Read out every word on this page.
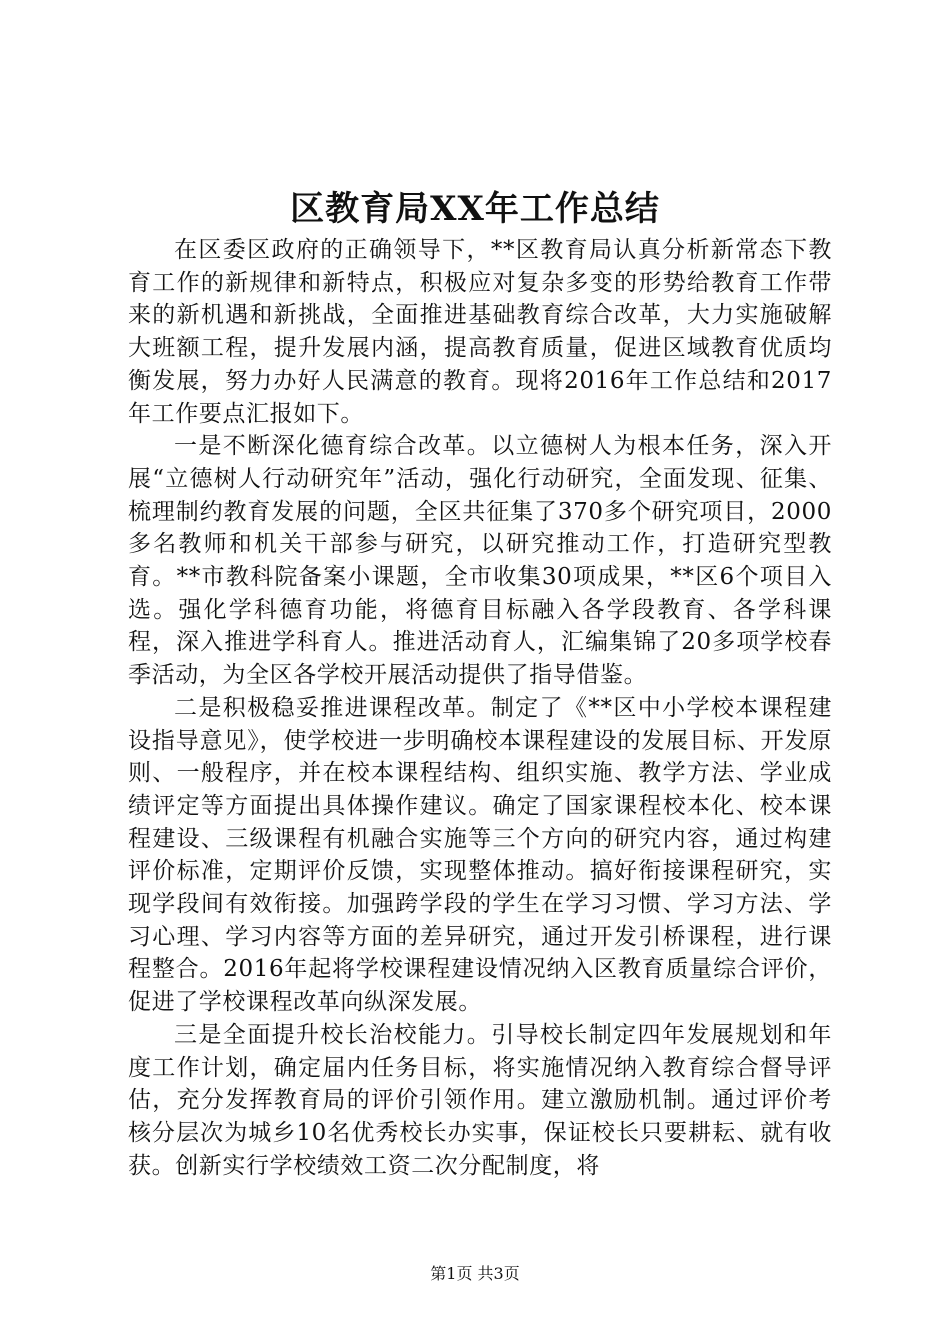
区教育局XX年工作总结

在区委区政府的正确领导下，**区教育局认真分析新常态下教育工作的新规律和新特点，积极应对复杂多变的形势给教育工作带来的新机遇和新挑战，全面推进基础教育综合改革，大力实施破解大班额工程，提升发展内涵，提高教育质量，促进区域教育优质均衡发展，努力办好人民满意的教育。现将2016年工作总结和2017年工作要点汇报如下。

一是不断深化德育综合改革。以立德树人为根本任务，深入开展“立德树人行动研究年”活动，强化行动研究，全面发现、征集、梳理制约教育发展的问题，全区共征集了370多个研究项目，2000多名教师和机关干部参与研究，以研究推动工作，打造研究型教育。**市教科院备案小课题，全市收集30项成果，**区6个项目入选。强化学科德育功能，将德育目标融入各学段教育、各学科课程，深入推进学科育人。推进活动育人，汇编集锦了20多项学校春季活动，为全区各学校开展活动提供了指导借鉴。

二是积极稳妥推进课程改革。制定了《**区中小学校本课程建设指导意见》，使学校进一步明确校本课程建设的发展目标、开发原则、一般程序，并在校本课程结构、组织实施、教学方法、学业成绩评定等方面提出具体操作建议。确定了国家课程校本化、校本课程建设、三级课程有机融合实施等三个方向的研究内容，通过构建评价标准，定期评价反馈，实现整体推动。搞好衔接课程研究，实现学段间有效衔接。加强跨学段的学生在学习习惯、学习方法、学习心理、学习内容等方面的差异研究，通过开发引桥课程，进行课程整合。2016年起将学校课程建设情况纳入区教育质量综合评价，促进了学校课程改革向纵深发展。

三是全面提升校长治校能力。引导校长制定四年发展规划和年度工作计划，确定届内任务目标，将实施情况纳入教育综合督导评估，充分发挥教育局的评价引领作用。建立激励机制。通过评价考核分层次为城乡10名优秀校长办实事，保证校长只要耕耘、就有收获。创新实行学校绩效工资二次分配制度，将

第1页 共3页
